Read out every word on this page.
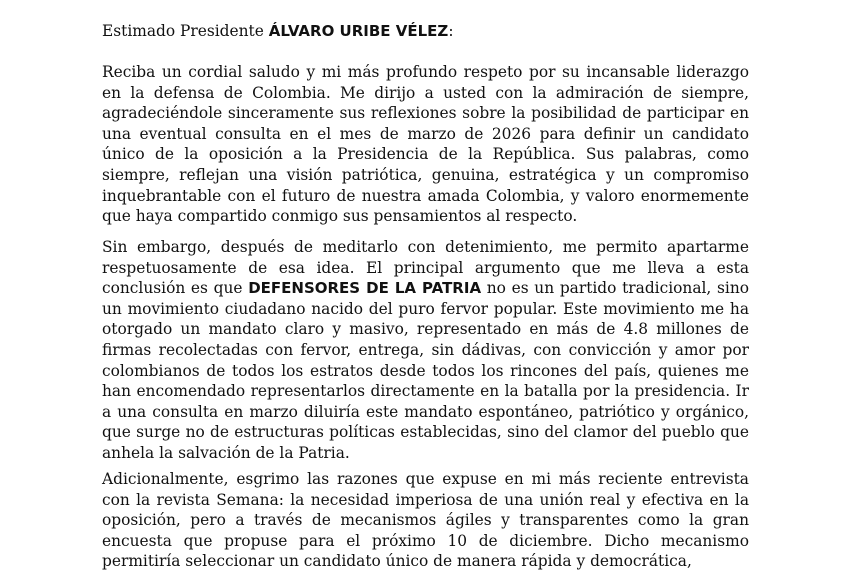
Estimado Presidente ÁLVARO URIBE VÉLEZ:

Reciba un cordial saludo y mi más profundo respeto por su incansable liderazgo en la defensa de Colombia. Me dirijo a usted con la admiración de siempre, agradeciéndole sinceramente sus reflexiones sobre la posibilidad de participar en una eventual consulta en el mes de marzo de 2026 para definir un candidato único de la oposición a la Presidencia de la República. Sus palabras, como siempre, reflejan una visión patriótica, genuina, estratégica y un compromiso inquebrantable con el futuro de nuestra amada Colombia, y valoro enormemente que haya compartido conmigo sus pensamientos al respecto.

Sin embargo, después de meditarlo con detenimiento, me permito apartarme respetuosamente de esa idea. El principal argumento que me lleva a esta conclusión es que DEFENSORES DE LA PATRIA no es un partido tradicional, sino un movimiento ciudadano nacido del puro fervor popular. Este movimiento me ha otorgado un mandato claro y masivo, representado en más de 4.8 millones de firmas recolectadas con fervor, entrega, sin dádivas, con convicción y amor por colombianos de todos los estratos desde todos los rincones del país, quienes me han encomendado representarlos directamente en la batalla por la presidencia. Ir a una consulta en marzo diluiría este mandato espontáneo, patriótico y orgánico, que surge no de estructuras políticas establecidas, sino del clamor del pueblo que anhela la salvación de la Patria.

Adicionalmente, esgrimo las razones que expuse en mi más reciente entrevista con la revista Semana: la necesidad imperiosa de una unión real y efectiva en la oposición, pero a través de mecanismos ágiles y transparentes como la gran encuesta que propuse para el próximo 10 de diciembre. Dicho mecanismo permitiría seleccionar un candidato único de manera rápida y democrática,
